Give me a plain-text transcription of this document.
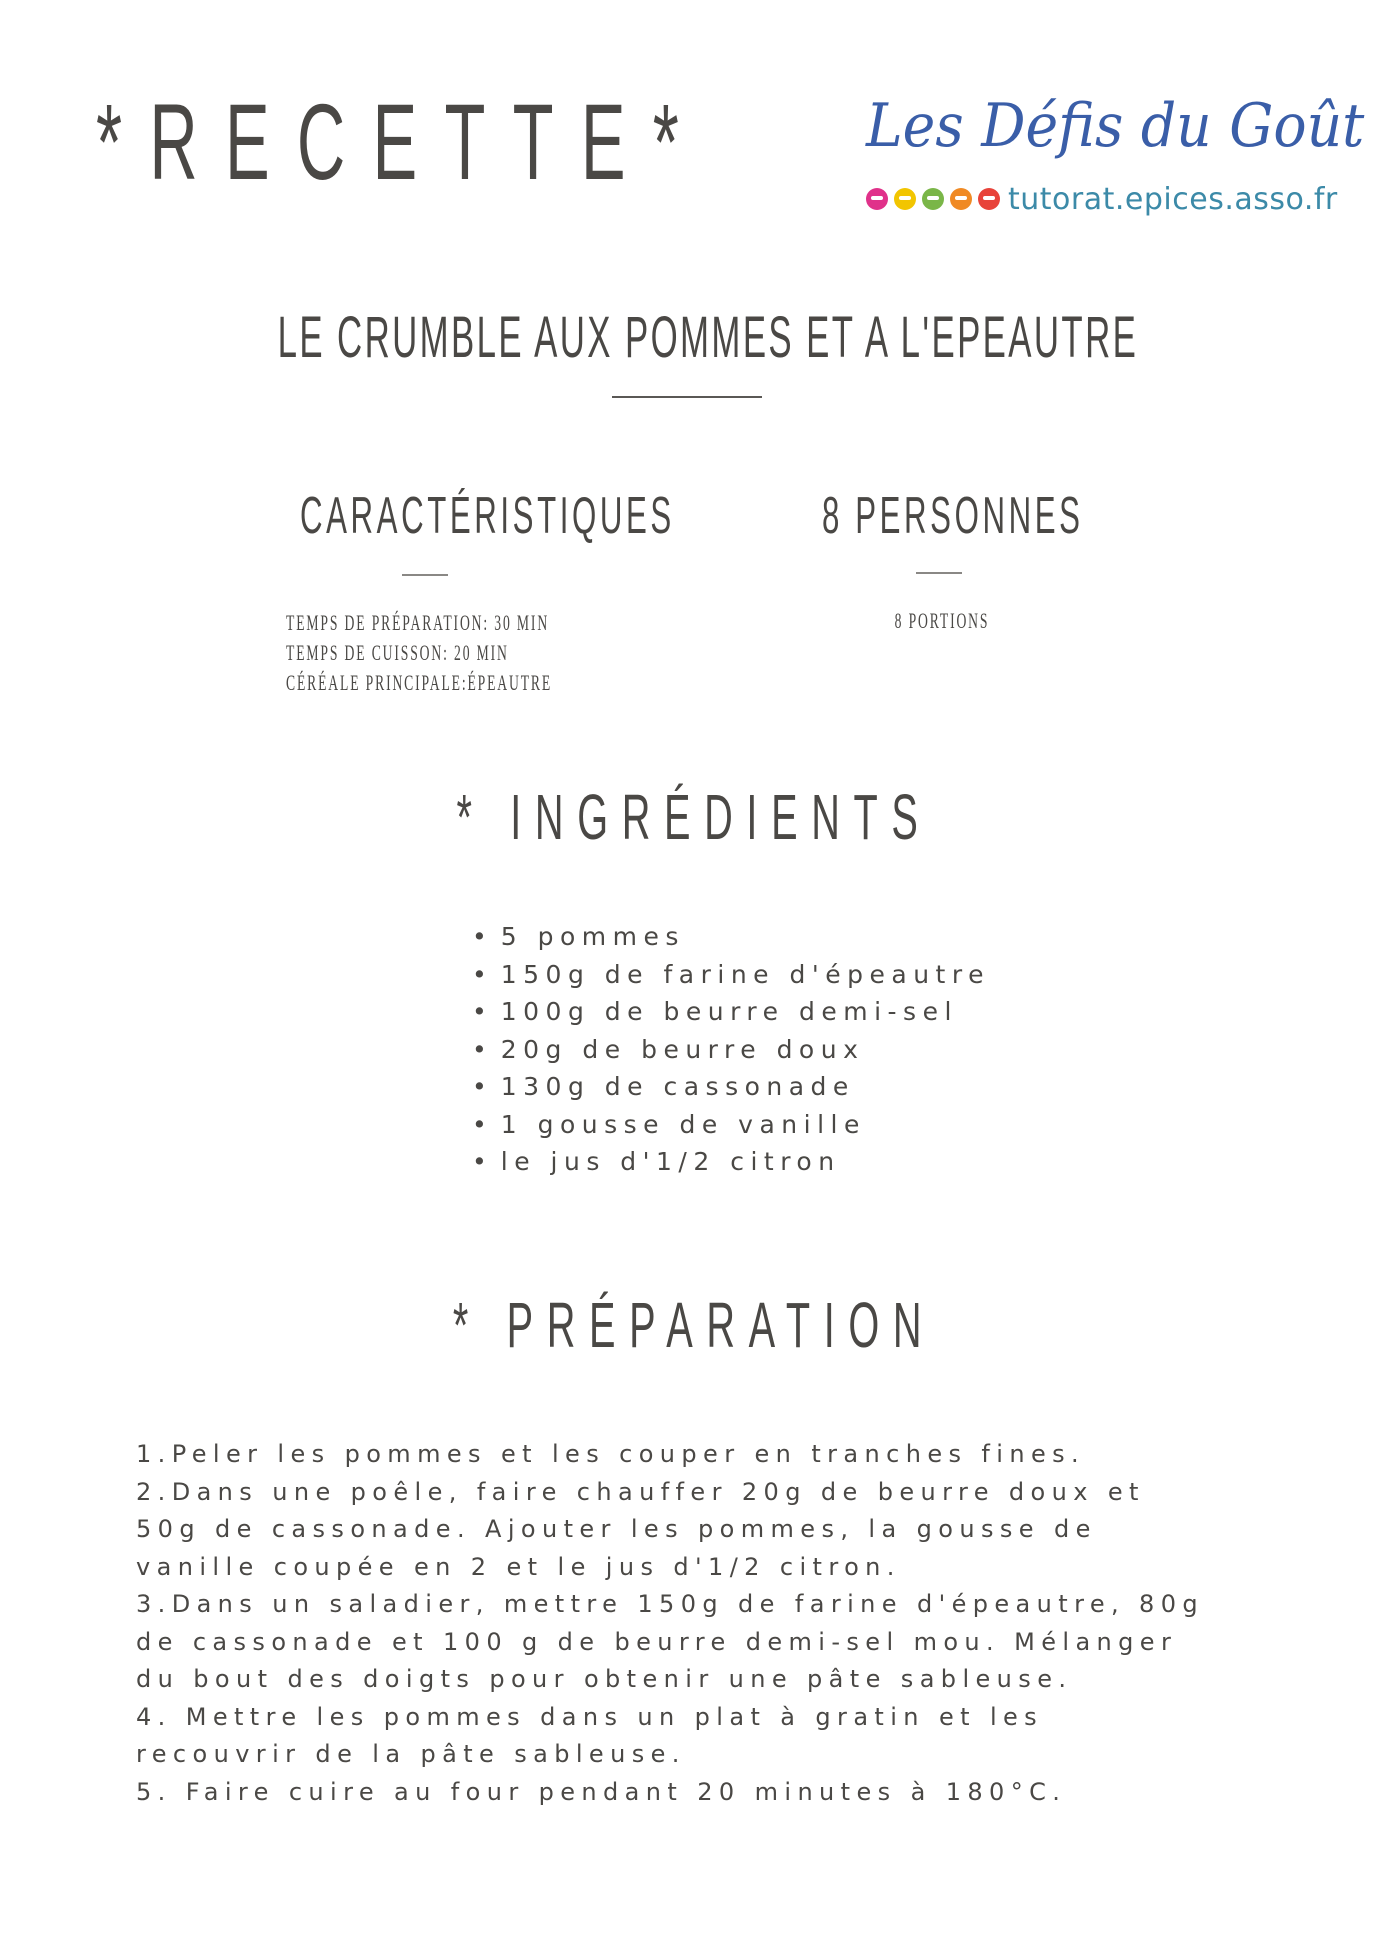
*RECETTE*	Les Défis du Goût
tutorat.epices.asso.fr
LE CRUMBLE AUX POMMES ET A L'EPEAUTRE
CARACTÉRISTIQUES	8 PERSONNES
TEMPS DE PRÉPARATION: 30 MIN
TEMPS DE CUISSON: 20 MIN
CÉRÉALE PRINCIPALE:ÉPEAUTRE
8 PORTIONS
* INGRÉDIENTS
• 5 pommes
• 150g de farine d'épeautre
• 100g de beurre demi-sel
• 20g de beurre doux
• 130g de cassonade
• 1 gousse de vanille
• le jus d'1/2 citron
* PRÉPARATION
1.Peler les pommes et les couper en tranches fines.
2.Dans une poêle, faire chauffer 20g de beurre doux et
50g de cassonade. Ajouter les pommes, la gousse de
vanille coupée en 2 et le jus d'1/2 citron.
3.Dans un saladier, mettre 150g de farine d'épeautre, 80g
de cassonade et 100 g de beurre demi-sel mou. Mélanger
du bout des doigts pour obtenir une pâte sableuse.
4. Mettre les pommes dans un plat à gratin et les
recouvrir de la pâte sableuse.
5. Faire cuire au four pendant 20 minutes à 180°C.
